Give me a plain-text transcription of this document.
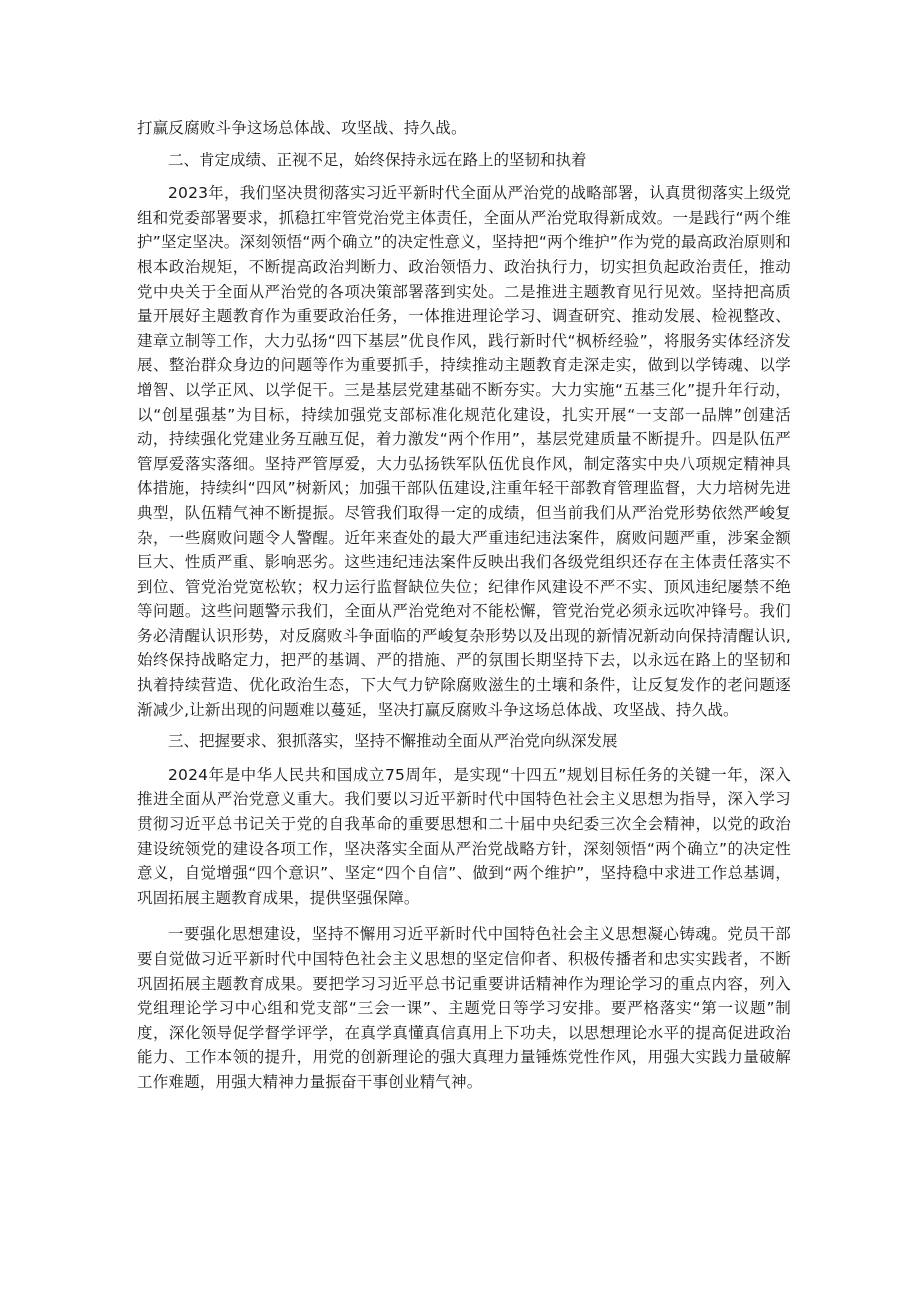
打赢反腐败斗争这场总体战、攻坚战、持久战。

二、肯定成绩、正视不足，始终保持永远在路上的坚韧和执着

2023年，我们坚决贯彻落实习近平新时代全面从严治党的战略部署，认真贯彻落实上级党组和党委部署要求，抓稳扛牢管党治党主体责任，全面从严治党取得新成效。一是践行“两个维护”坚定坚决。深刻领悟“两个确立”的决定性意义，坚持把“两个维护”作为党的最高政治原则和根本政治规矩，不断提高政治判断力、政治领悟力、政治执行力，切实担负起政治责任，推动党中央关于全面从严治党的各项决策部署落到实处。二是推进主题教育见行见效。坚持把高质量开展好主题教育作为重要政治任务，一体推进理论学习、调查研究、推动发展、检视整改、建章立制等工作，大力弘扬“四下基层”优良作风，践行新时代“枫桥经验”，将服务实体经济发展、整治群众身边的问题等作为重要抓手，持续推动主题教育走深走实，做到以学铸魂、以学增智、以学正风、以学促干。三是基层党建基础不断夯实。大力实施“五基三化”提升年行动，以“创星强基”为目标，持续加强党支部标准化规范化建设，扎实开展“一支部一品牌”创建活动，持续强化党建业务互融互促，着力激发“两个作用”，基层党建质量不断提升。四是队伍严管厚爱落实落细。坚持严管厚爱，大力弘扬铁军队伍优良作风，制定落实中央八项规定精神具体措施，持续纠“四风”树新风；加强干部队伍建设,注重年轻干部教育管理监督，大力培树先进典型，队伍精气神不断提振。尽管我们取得一定的成绩，但当前我们从严治党形势依然严峻复杂，一些腐败问题令人警醒。近年来查处的最大严重违纪违法案件，腐败问题严重，涉案金额巨大、性质严重、影响恶劣。这些违纪违法案件反映出我们各级党组织还存在主体责任落实不到位、管党治党宽松软；权力运行监督缺位失位；纪律作风建设不严不实、顶风违纪屡禁不绝等问题。这些问题警示我们，全面从严治党绝对不能松懈，管党治党必须永远吹冲锋号。我们务必清醒认识形势，对反腐败斗争面临的严峻复杂形势以及出现的新情况新动向保持清醒认识,始终保持战略定力，把严的基调、严的措施、严的氛围长期坚持下去，以永远在路上的坚韧和执着持续营造、优化政治生态，下大气力铲除腐败滋生的土壤和条件，让反复发作的老问题逐渐减少,让新出现的问题难以蔓延，坚决打赢反腐败斗争这场总体战、攻坚战、持久战。

三、把握要求、狠抓落实，坚持不懈推动全面从严治党向纵深发展

2024年是中华人民共和国成立75周年，是实现“十四五”规划目标任务的关键一年，深入推进全面从严治党意义重大。我们要以习近平新时代中国特色社会主义思想为指导，深入学习贯彻习近平总书记关于党的自我革命的重要思想和二十届中央纪委三次全会精神，以党的政治建设统领党的建设各项工作，坚决落实全面从严治党战略方针，深刻领悟“两个确立”的决定性意义，自觉增强“四个意识”、坚定“四个自信”、做到“两个维护”，坚持稳中求进工作总基调，巩固拓展主题教育成果，提供坚强保障。

一要强化思想建设，坚持不懈用习近平新时代中国特色社会主义思想凝心铸魂。党员干部要自觉做习近平新时代中国特色社会主义思想的坚定信仰者、积极传播者和忠实实践者，不断巩固拓展主题教育成果。要把学习习近平总书记重要讲话精神作为理论学习的重点内容，列入党组理论学习中心组和党支部“三会一课”、主题党日等学习安排。要严格落实“第一议题”制度，深化领导促学督学评学，在真学真懂真信真用上下功夫，以思想理论水平的提高促进政治能力、工作本领的提升，用党的创新理论的强大真理力量锤炼党性作风，用强大实践力量破解工作难题，用强大精神力量振奋干事创业精气神。
